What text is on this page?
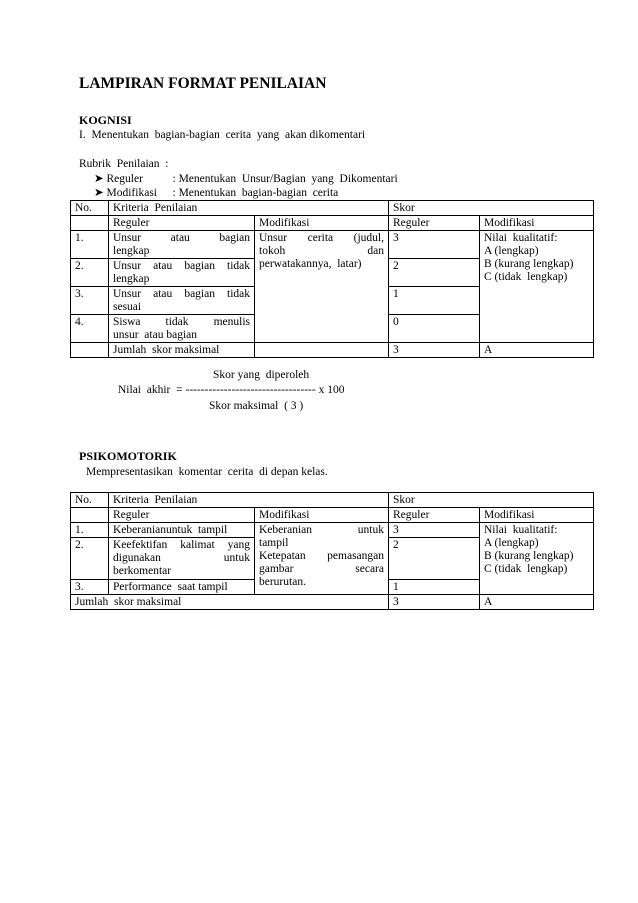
LAMPIRAN FORMAT PENILAIAN
KOGNISI
I.  Menentukan  bagian-bagian  cerita  yang  akan dikomentari
Rubrik  Penilaian  :
➤ Reguler	: Menentukan  Unsur/Bagian  yang  Dikomentari
➤ Modifikasi : Menentukan  bagian-bagian  cerita
No.	Kriteria  Penilaian		Skor	
	Reguler	Modifikasi	Reguler	Modifikasi
1.	Unsur atau bagian
lengkap	Unsur  cerita  (judul,
tokoh dan
perwatakannya,  latar)	3	Nilai  kualitatif:
A (lengkap)
B (kurang lengkap)
C (tidak  lengkap)

2.	Unsur atau bagian tidak
lengkap		2	
3.	Unsur atau bagian tidak
sesuai		1	
4.	Siswa  tidak  menulis
unsur  atau bagian		0	
	Jumlah  skor maksimal		3	A
Skor yang  diperoleh
Nilai  akhir  = ---------------------------------- x 100
Skor maksimal  ( 3 )
PSIKOMOTORIK
Mempresentasikan  komentar  cerita  di depan kelas.
No.	Kriteria  Penilaian		Skor	
	Reguler	Modifikasi	Reguler	Modifikasi
1.	Keberanianuntuk  tampil	Keberanian  untuk
tampil
Ketepatan  pemasangan
gambar  secara
berurutan.	3	Nilai  kualitatif:
A (lengkap)
B (kurang lengkap)
C (tidak  lengkap)

2.	Keefektifan  kalimat  yang
digunakan  untuk
berkomentar		2	
3.	Performance  saat tampil		1	
Jumlah  skor maksimal			3	A
